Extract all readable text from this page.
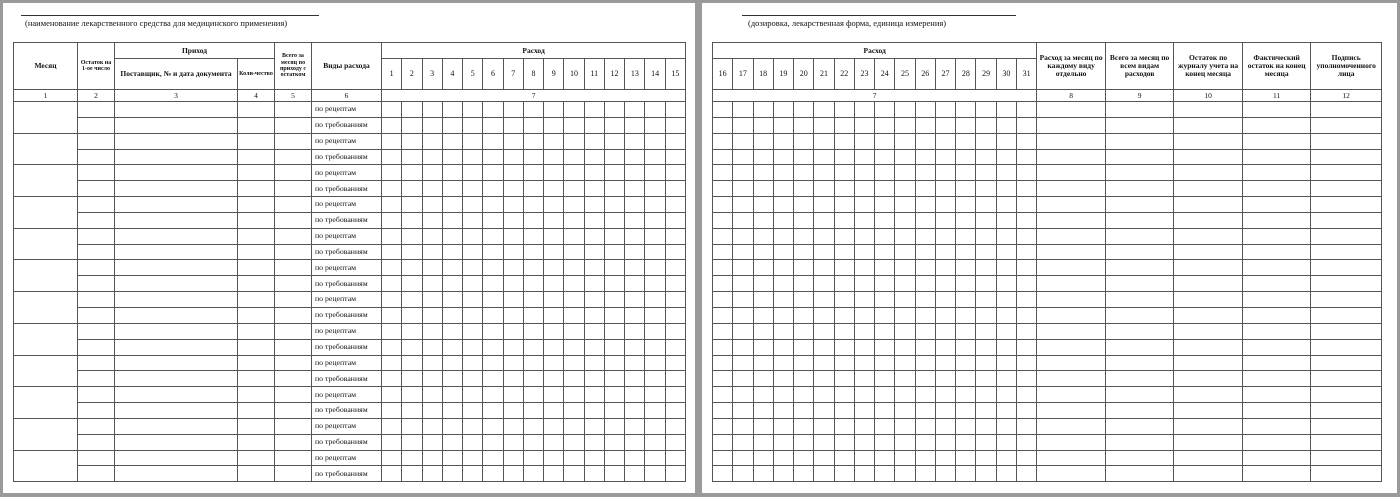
(наименование лекарственного средства для медицинского применения)
Месяц	Остаток на 1-ое число	Приход		Всего за месяц по приходу с остатком	Виды расхода	Расход														
		Поставщик, № и дата документа	Коли-чество			1	2	3	4	5	6	7	8	9	10	11	12	13	14	15
1	2	3	4	5	6	7														
					по рецептам															
					по требованиям															
					по рецептам															
					по требованиям															
					по рецептам															
					по требованиям															
					по рецептам															
					по требованиям															
					по рецептам															
					по требованиям															
					по рецептам															
					по требованиям															
					по рецептам															
					по требованиям															
					по рецептам															
					по требованиям															
					по рецептам															
					по требованиям															
					по рецептам															
					по требованиям															
					по рецептам															
					по требованиям															
					по рецептам															
					по требованиям															
(дозировка, лекарственная форма, единица измерения)
Расход																Расход за месяц по каждому виду отдельно	Всего за месяц по всем видам расходов	Остаток по журналу учета на конец месяца	Фактический остаток на конец месяца	Подпись уполномоченного лица
16	17	18	19	20	21	22	23	24	25	26	27	28	29	30	31					
7																8	9	10	11	12
